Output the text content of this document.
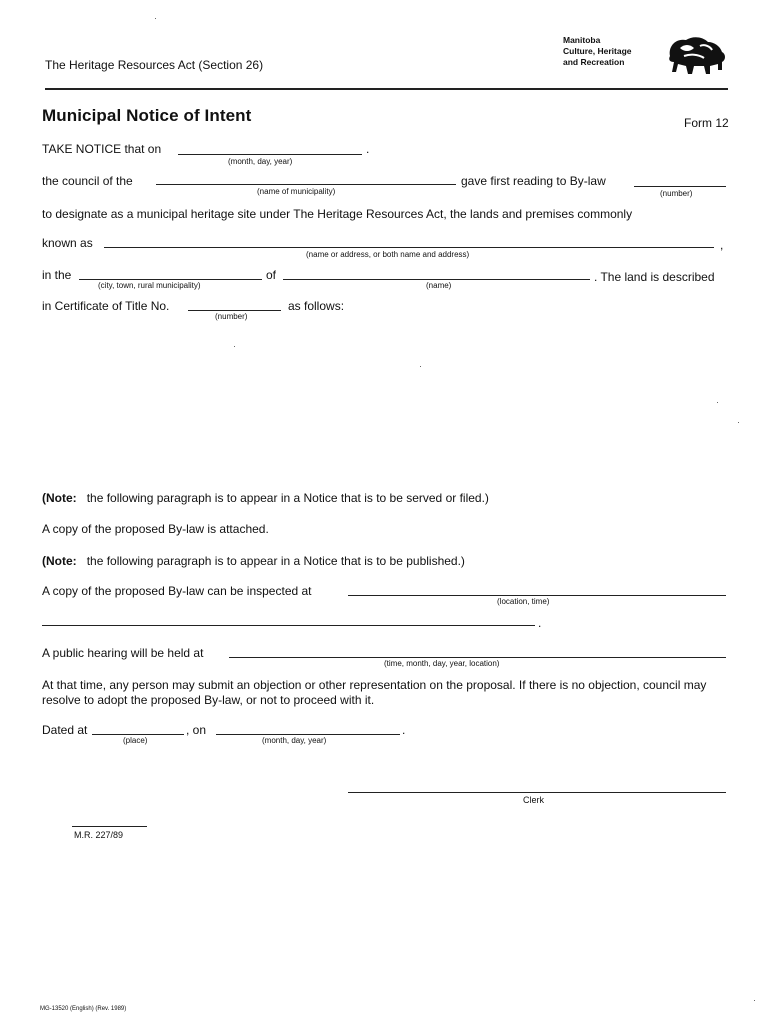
The Heritage Resources Act (Section 26)
Manitoba
Culture, Heritage
and Recreation
Municipal Notice of Intent	Form 12
TAKE NOTICE that on	.
(month, day, year)
the council of the
(name of municipality)
gave first reading to By-law
(number)
to designate as a municipal heritage site under The Heritage Resources Act, the lands and premises commonly
known as	,
(name or address, or both name and address)
in the
(city, town, rural municipality)
of
(name)
. The land is described
in Certificate of Title No.
(number)
as follows:
(Note: the following paragraph is to appear in a Notice that is to be served or filed.)
A copy of the proposed By-law is attached.
(Note: the following paragraph is to appear in a Notice that is to be published.)
A copy of the proposed By-law can be inspected at
(location, time)
.
A public hearing will be held at
(time, month, day, year, location)
At that time, any person may submit an objection or other representation on the proposal. If there is no objection, council may resolve to adopt the proposed By-law, or not to proceed with it.
Dated at
(place)
, on	.
(month, day, year)
Clerk
M.R. 227/89
MG-13520 (English) (Rev. 1989)
